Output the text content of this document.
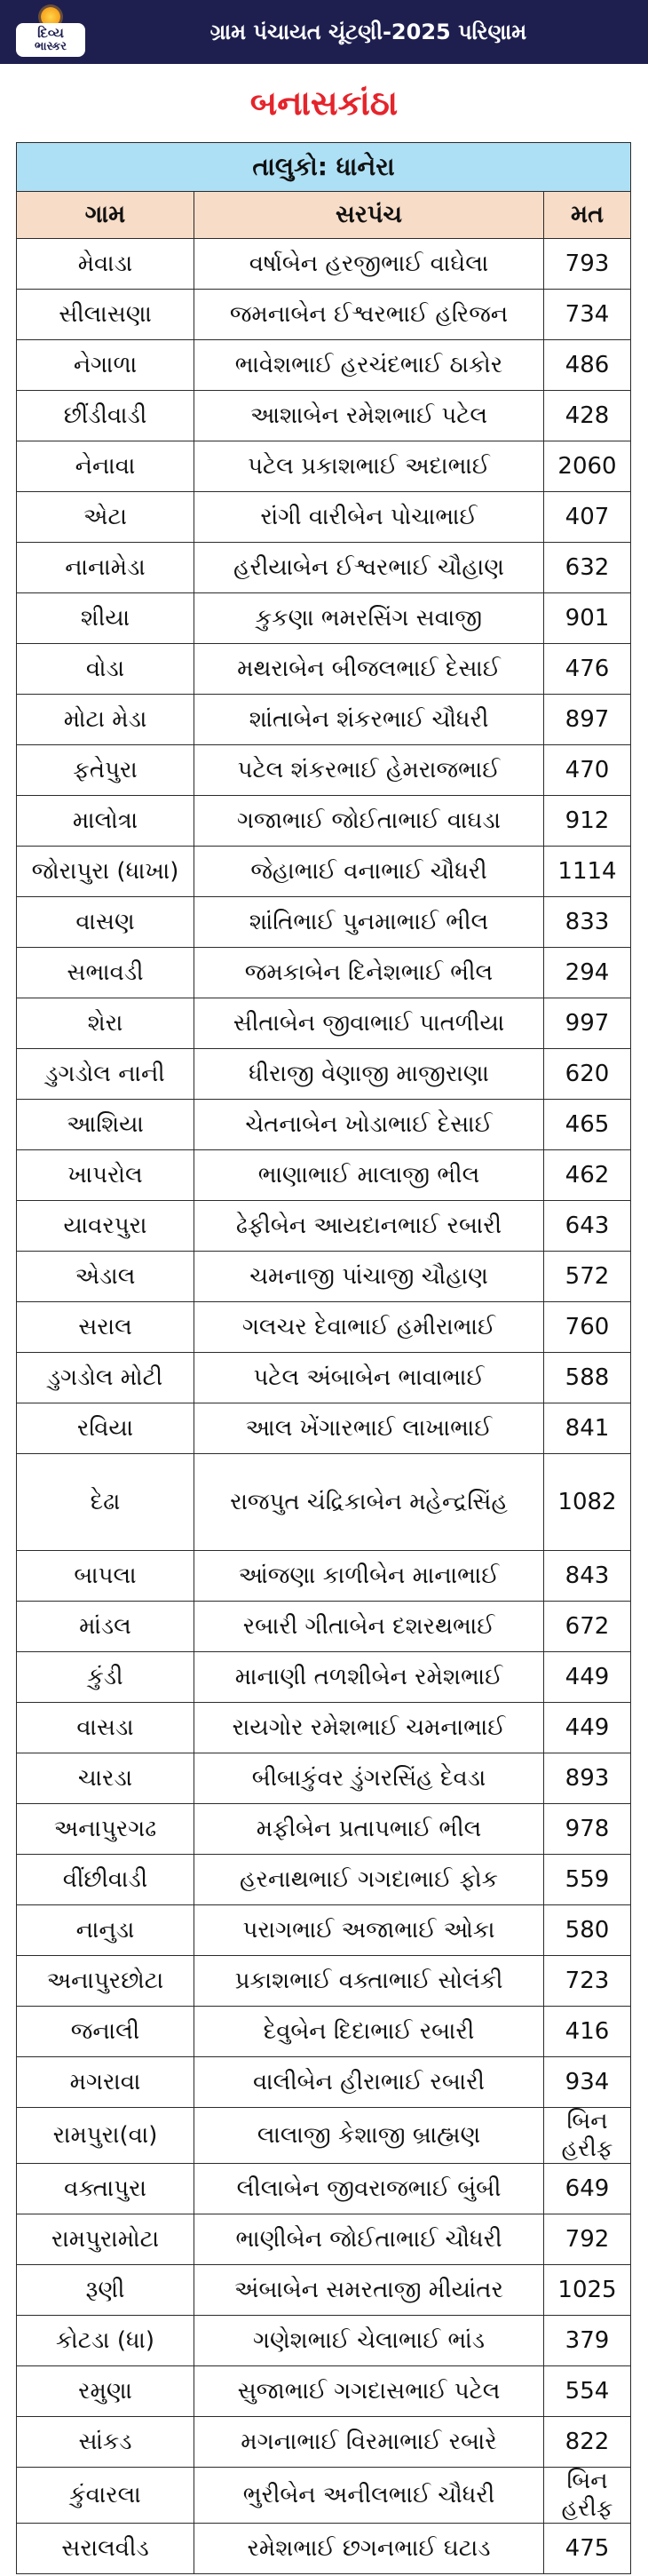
દિવ્ય
ભાસ્કર
ગ્રામ પંચાયત ચૂંટણી-2025 પરિણામ
બનાસકાંઠા
તાલુકો: ધાનેરા		
ગામ	સરપંચ	મત
મેવાડા	વર્ષાબેન હરજીભાઈ વાઘેલા	793
સીલાસણા	જમનાબેન ઈશ્વરભાઈ હરિજન	734
નેગાળા	ભાવેશભાઈ હરચંદભાઈ ઠાકોર	486
છીંડીવાડી	આશાબેન રમેશભાઈ પટેલ	428
નેનાવા	પટેલ પ્રકાશભાઈ અદાભાઈ	2060
એટા	રાંગી વારીબેન પોચાભાઈ	407
નાનામેડા	હરીયાબેન ઈશ્વરભાઈ ચૌહાણ	632
શીયા	કુકણા ભમરસિંગ સવાજી	901
વોડા	મથરાબેન બીજલભાઈ દેસાઈ	476
મોટા મેડા	શાંતાબેન શંકરભાઈ ચૌધરી	897
ફતેપુરા	પટેલ શંકરભાઈ હેમરાજભાઈ	470
માલોત્રા	ગજાભાઈ જોઈતાભાઈ વાઘડા	912
જોરાપુરા (ધાખા)	જેહાભાઈ વનાભાઈ ચૌધરી	1114
વાસણ	શાંતિભાઈ પુનમાભાઈ ભીલ	833
સભાવડી	જમકાબેન દિનેશભાઈ ભીલ	294
શેરા	સીતાબેન જીવાભાઈ પાતળીયા	997
ડુગડોલ નાની	ધીરાજી વેણાજી માજીરાણા	620
આશિયા	ચેતનાબેન ખોડાભાઈ દેસાઈ	465
ખાપરોલ	ભાણાભાઈ માલાજી ભીલ	462
યાવરપુરા	ઢેફીબેન આયદાનભાઈ રબારી	643
એડાલ	ચમનાજી પાંચાજી ચૌહાણ	572
સરાલ	ગલચર દેવાભાઈ હમીરાભાઈ	760
ડુગડોલ મોટી	પટેલ અંબાબેન ભાવાભાઈ	588
રવિયા	આલ ખેંગારભાઈ લાખાભાઈ	841
દેઢા	રાજપુત ચંદ્રિકાબેન મહેન્દ્રસિંહ	1082
બાપલા	આંજણા કાળીબેન માનાભાઈ	843
માંડલ	રબારી ગીતાબેન દશરથભાઈ	672
કુંડી	માનાણી તળશીબેન રમેશભાઈ	449
વાસડા	રાયગોર રમેશભાઈ ચમનાભાઈ	449
ચારડા	બીબાકુંવર ડુંગરસિંહ દેવડા	893
અનાપુરગઢ	મફીબેન પ્રતાપભાઈ ભીલ	978
વીંછીવાડી	હરનાથભાઈ ગગદાભાઈ ફોક	559
નાનુડા	પરાગભાઈ અજાભાઈ ઓકા	580
અનાપુરછોટા	પ્રકાશભાઈ વક્તાભાઈ સોલંકી	723
જનાલી	દેવુબેન દિદાભાઈ રબારી	416
મગરાવા	વાલીબેન હીરાભાઈ રબારી	934
રામપુરા(વા)	લાલાજી કેશાજી બ્રાહ્મણ	બિન હરીફ
વક્તાપુરા	લીલાબેન જીવરાજભાઈ બુંબી	649
રામપુરામોટા	ભાણીબેન જોઈતાભાઈ ચૌધરી	792
રૂણી	અંબાબેન સમરતાજી મીયાંતર	1025
કોટડા (ધા)	ગણેશભાઈ ચેલાભાઈ ભાંડ	379
રમુણા	સુજાભાઈ ગગદાસભાઈ પટેલ	554
સાંકડ	મગનાભાઈ વિરમાભાઈ રબારે	822
કુંવારલા	ભુરીબેન અનીલભાઈ ચૌધરી	બિન હરીફ
સરાલવીડ	રમેશભાઈ છગનભાઈ ઘટાડ	475
